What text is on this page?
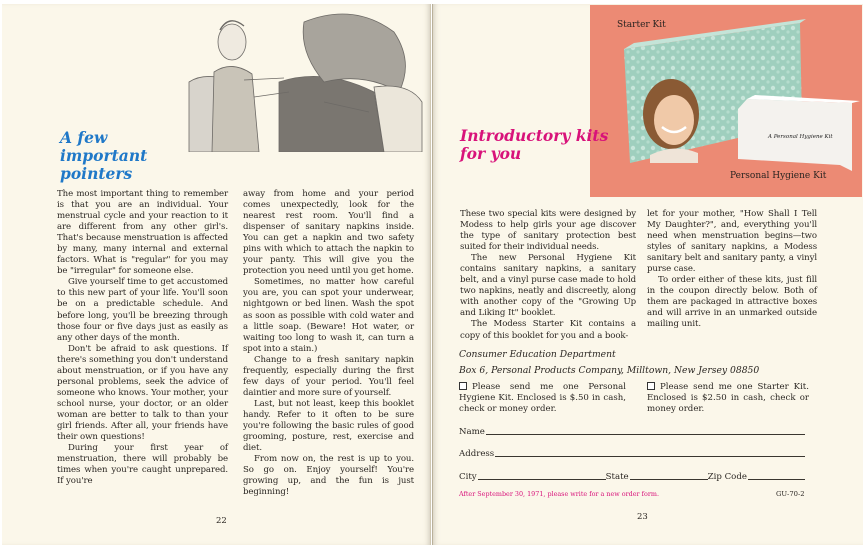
A few important
pointers

The most important thing to remember is that you are an individual. Your menstrual cycle and your reaction to it are different from any other girl's. That's because menstruation is affected by many, many internal and external factors. What is "regular" for you may be "irregular" for someone else.

Give yourself time to get accustomed to this new part of your life. You'll soon be on a predictable schedule. And before long, you'll be breezing through those four or five days just as easily as any other days of the month.

Don't be afraid to ask questions. If there's something you don't understand about menstruation, or if you have any personal problems, seek the advice of someone who knows. Your mother, your school nurse, your doctor, or an older woman are better to talk to than your girl friends. After all, your friends have their own questions!

During your first year of menstruation, there will probably be times when you're caught unprepared. If you're

away from home and your period comes unexpectedly, look for the nearest rest room. You'll find a dispenser of sanitary napkins inside. You can get a napkin and two safety pins with which to attach the napkin to your panty. This will give you the protection you need until you get home.

Sometimes, no matter how careful you are, you can spot your underwear, nightgown or bed linen. Wash the spot as soon as possible with cold water and a little soap. (Beware! Hot water, or waiting too long to wash it, can turn a spot into a stain.)

Change to a fresh sanitary napkin frequently, especially during the first few days of your period. You'll feel daintier and more sure of yourself.

Last, but not least, keep this booklet handy. Refer to it often to be sure you're following the basic rules of good grooming, posture, rest, exercise and diet.

From now on, the rest is up to you. So go on. Enjoy yourself! You're growing up, and the fun is just beginning!

22
A Personal Hygiene Kit
Starter Kit
Personal Hygiene Kit
Introductory kits
for you

These two special kits were designed by Modess to help girls your age discover the type of sanitary protection best suited for their individual needs.

The new Personal Hygiene Kit contains sanitary napkins, a sanitary belt, and a vinyl purse case made to hold two napkins, neatly and discreetly, along with another copy of the "Growing Up and Liking It" booklet.

The Modess Starter Kit contains a copy of this booklet for you and a book-

let for your mother, "How Shall I Tell My Daughter?", and, everything you'll need when menstruation begins—two styles of sanitary napkins, a Modess sanitary belt and sanitary panty, a vinyl purse case.

To order either of these kits, just fill in the coupon directly below. Both of them are packaged in attractive boxes and will arrive in an unmarked outside mailing unit.

Consumer Education Department
Box 6, Personal Products Company, Milltown, New Jersey 08850
Please send me one Personal Hygiene Kit. Enclosed is $.50 in cash, check or money order.
Please send me one Starter Kit. Enclosed is $2.50 in cash, check or money order.
Name
Address
City	State	Zip Code
After September 30, 1971, please write for a new order form.	GU-70-2
23
